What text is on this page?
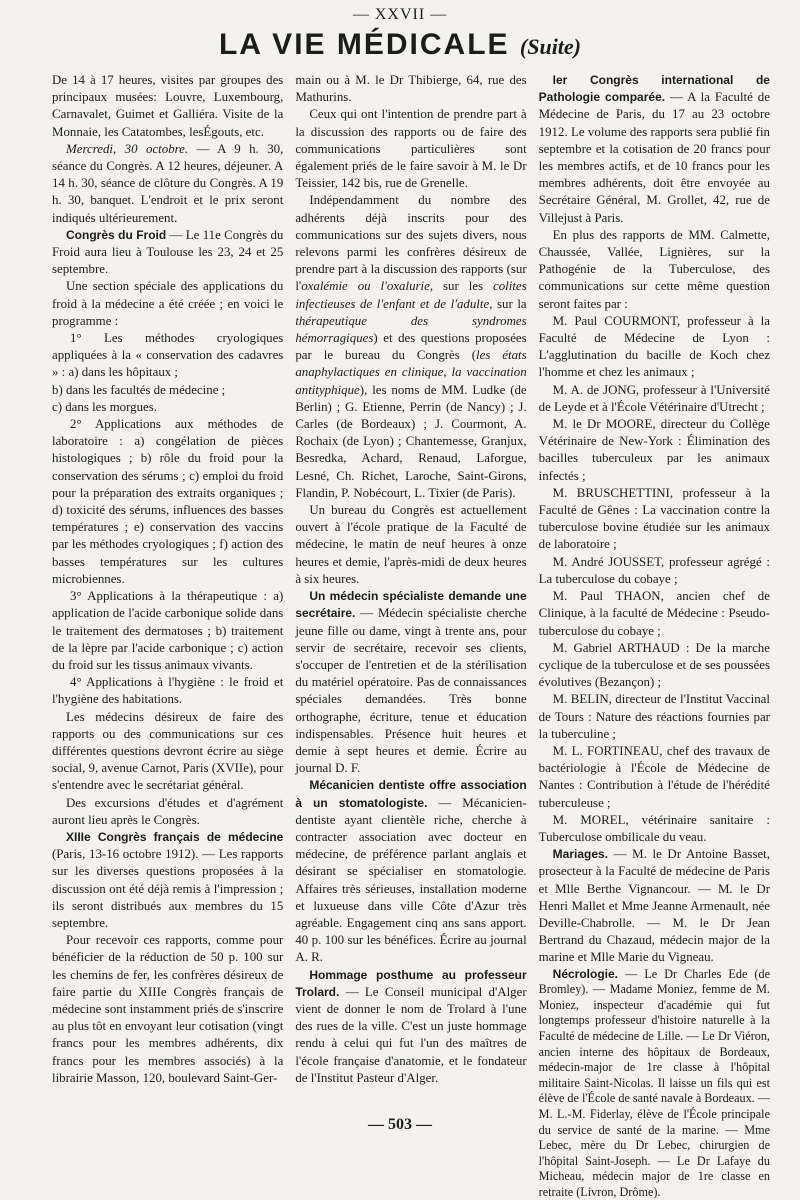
— XXVII —
LA VIE MÉDICALE (Suite)

De 14 à 17 heures, visites par groupes des principaux musées: Louvre, Luxembourg, Carnavalet, Guimet et Galliéra. Visite de la Monnaie, les Catatombes, lesÉgouts, etc.

Mercredi, 30 octobre. — A 9 h. 30, séance du Congrès. A 12 heures, déjeuner. A 14 h. 30, séance de clôture du Congrès. A 19 h. 30, banquet. L'endroit et le prix seront indiqués ultérieurement.

Congrès du Froid — Le 11e Congrès du Froid aura lieu à Toulouse les 23, 24 et 25 septembre.

Une section spéciale des applications du froid à la médecine a été créée ; en voici le programme :

1° Les méthodes cryologiques appliquées à la « conservation des cadavres » : a) dans les hôpitaux ;

b) dans les facultés de médecine ;

c) dans les morgues.

2° Applications aux méthodes de laboratoire : a) congélation de pièces histologiques ; b) rôle du froid pour la conservation des sérums ; c) emploi du froid pour la préparation des extraits organiques ; d) toxicité des sérums, influences des basses températures ; e) conservation des vaccins par les méthodes cryologiques ; f) action des basses températures sur les cultures microbiennes.

3° Applications à la thérapeutique : a) application de l'acide carbonique solide dans le traitement des dermatoses ; b) traitement de la lèpre par l'acide carbonique ; c) action du froid sur les tissus animaux vivants.

4° Applications à l'hygiène : le froid et l'hygiène des habitations.

Les médecins désireux de faire des rapports ou des communications sur ces différentes questions devront écrire au siège social, 9, avenue Carnot, Paris (XVIIe), pour s'entendre avec le secrétariat général.

Des excursions d'études et d'agrément auront lieu après le Congrès.

XIIIe Congrès français de médecine (Paris, 13-16 octobre 1912). — Les rapports sur les diverses questions proposées à la discussion ont été déjà remis à l'impression ; ils seront distribués aux membres du 15 septembre.

Pour recevoir ces rapports, comme pour bénéficier de la réduction de 50 p. 100 sur les chemins de fer, les confrères désireux de faire partie du XIIIe Congrès français de médecine sont instamment priés de s'inscrire au plus tôt en envoyant leur cotisation (vingt francs pour les membres adhérents, dix francs pour les membres associés) à la librairie Masson, 120, boulevard Saint-Ger-

main ou à M. le Dr Thibierge, 64, rue des Mathurins.

Ceux qui ont l'intention de prendre part à la discussion des rapports ou de faire des communications particulières sont également priés de le faire savoir à M. le Dr Teissier, 142 bis, rue de Grenelle.

Indépendamment du nombre des adhérents déjà inscrits pour des communications sur des sujets divers, nous relevons parmi les confrères désireux de prendre part à la discussion des rapports (sur l'oxalémie ou l'oxalurie, sur les colites infectieuses de l'enfant et de l'adulte, sur la thérapeutique des syndromes hémorragiques) et des questions proposées par le bureau du Congrès (les états anaphylactiques en clinique, la vaccination antityphique), les noms de MM. Ludke (de Berlin) ; G. Etienne, Perrin (de Nancy) ; J. Carles (de Bordeaux) ; J. Courmont, A. Rochaix (de Lyon) ; Chantemesse, Granjux, Besredka, Achard, Renaud, Laforgue, Lesné, Ch. Richet, Laroche, Saint-Girons, Flandin, P. Nobécourt, L. Tixier (de Paris).

Un bureau du Congrès est actuellement ouvert à l'école pratique de la Faculté de médecine, le matin de neuf heures à onze heures et demie, l'après-midi de deux heures à six heures.

Un médecin spécialiste demande une secrétaire. — Médecin spécialiste cherche jeune fille ou dame, vingt à trente ans, pour servir de secrétaire, recevoir ses clients, s'occuper de l'entretien et de la stérilisation du matériel opératoire. Pas de connaissances spéciales demandées. Très bonne orthographe, écriture, tenue et éducation indispensables. Présence huit heures et demie à sept heures et demie. Écrire au journal D. F.

Mécanicien dentiste offre association à un stomatologiste. — Mécanicien-dentiste ayant clientèle riche, cherche à contracter association avec docteur en médecine, de préférence parlant anglais et désirant se spécialiser en stomatologie. Affaires très sérieuses, installation moderne et luxueuse dans ville Côte d'Azur très agréable. Engagement cinq ans sans apport. 40 p. 100 sur les bénéfices. Écrire au journal A. R.

Hommage posthume au professeur Trolard. — Le Conseil municipal d'Alger vient de donner le nom de Trolard à l'une des rues de la ville. C'est un juste hommage rendu à celui qui fut l'un des maîtres de l'école française d'anatomie, et le fondateur de l'Institut Pasteur d'Alger.

Ier Congrès international de Pathologie comparée. — A la Faculté de Médecine de Paris, du 17 au 23 octobre 1912. Le volume des rapports sera publié fin septembre et la cotisation de 20 francs pour les membres actifs, et de 10 francs pour les membres adhérents, doit être envoyée au Secrétaire Général, M. Grollet, 42, rue de Villejust à Paris.

En plus des rapports de MM. Calmette, Chaussée, Vallée, Lignières, sur la Pathogénie de la Tuberculose, des communications sur cette même question seront faites par :

M. Paul COURMONT, professeur à la Faculté de Médecine de Lyon : L'agglutination du bacille de Koch chez l'homme et chez les animaux ;

M. A. de JONG, professeur à l'Université de Leyde et à l'École Vétérinaire d'Utrecht ;

M. le Dr MOORE, directeur du Collège Vétérinaire de New-York : Élimination des bacilles tuberculeux par les animaux infectés ;

M. BRUSCHETTINI, professeur à la Faculté de Gênes : La vaccination contre la tuberculose bovine étudiée sur les animaux de laboratoire ;

M. André JOUSSET, professeur agrégé : La tuberculose du cobaye ;

M. Paul THAON, ancien chef de Clinique, à la faculté de Médecine : Pseudo-tuberculose du cobaye ;

M. Gabriel ARTHAUD : De la marche cyclique de la tuberculose et de ses poussées évolutives (Bezançon) ;

M. BELIN, directeur de l'Institut Vaccinal de Tours : Nature des réactions fournies par la tuberculine ;

M. L. FORTINEAU, chef des travaux de bactériologie à l'École de Médecine de Nantes : Contribution à l'étude de l'hérédité tuberculeuse ;

M. MOREL, vétérinaire sanitaire : Tuberculose ombilicale du veau.

Mariages. — M. le Dr Antoine Basset, prosecteur à la Faculté de médecine de Paris et Mlle Berthe Vignancour. — M. le Dr Henri Mallet et Mme Jeanne Armenault, née Deville-Chabrolle. — M. le Dr Jean Bertrand du Chazaud, médecin major de la marine et Mlle Marie du Vigneau.

Nécrologie. — Le Dr Charles Ede (de Bromley). — Madame Moniez, femme de M. Moniez, inspecteur d'académie qui fut longtemps professeur d'histoire naturelle à la Faculté de médecine de Lille. — Le Dr Viéron, ancien interne des hôpitaux de Bordeaux, médecin-major de 1re classe à l'hôpital militaire Saint-Nicolas. Il laisse un fils qui est élève de l'École de santé navale à Bordeaux. — M. L.-M. Fiderlay, élève de l'École principale du service de santé de la marine. — Mme Lebec, mère du Dr Lebec, chirurgien de l'hôpital Saint-Joseph. — Le Dr Lafaye du Micheau, médecin major de 1re classe en retraite (Livron, Drôme).

— 503 —
